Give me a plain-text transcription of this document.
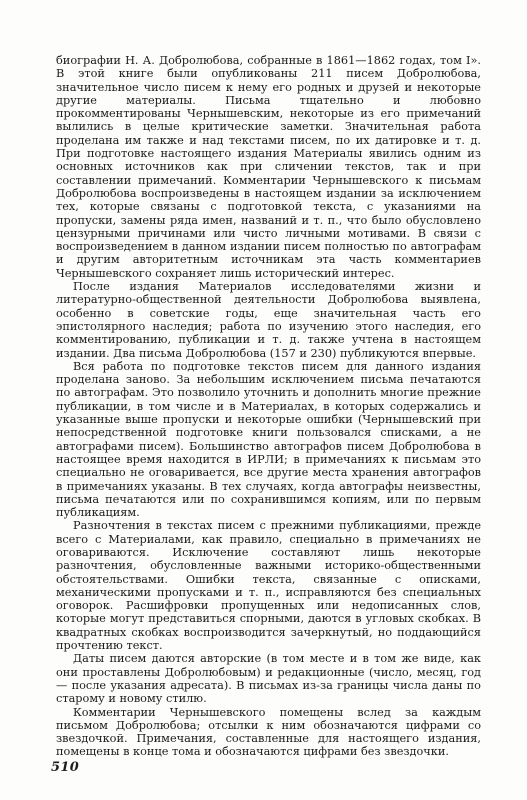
биографии Н. А. Добролюбова, собранные в 1861—1862 годах, том I». В этой книге были опубликованы 211 писем Добролюбова, значительное число писем к нему его родных и друзей и некоторые другие материалы. Письма тщательно и любовно прокомментированы Чернышевским, некоторые из его примечаний вылились в целые критические заметки. Значительная работа проделана им также и над текстами писем, по их датировке и т. д. При подготовке настоящего издания Материалы явились одним из основных источников как при сличении текстов, так и при составлении примечаний. Комментарии Чернышевского к письмам Добролюбова воспроизведены в настоящем издании за исключением тех, которые связаны с подготовкой текста, с указаниями на пропуски, замены ряда имен, названий и т. п., что было обусловлено цензурными причинами или чисто личными мотивами. В связи с воспроизведением в данном издании писем полностью по автографам и другим авторитетным источникам эта часть комментариев Чернышевского сохраняет лишь исторический интерес.

После издания Материалов исследователями жизни и литературно-общественной деятельности Добролюбова выявлена, особенно в советские годы, еще значительная часть его эпистолярного наследия; работа по изучению этого наследия, его комментированию, публикации и т. д. также учтена в настоящем издании. Два письма Добролюбова (157 и 230) публикуются впервые.

Вся работа по подготовке текстов писем для данного издания проделана заново. За небольшим исключением письма печатаются по автографам. Это позволило уточнить и дополнить многие прежние публикации, в том числе и в Материалах, в которых содержались и указанные выше пропуски и некоторые ошибки (Чернышевский при непосредственной подготовке книги пользовался списками, а не автографами писем). Большинство автографов писем Добролюбова в настоящее время находится в ИРЛИ; в примечаниях к письмам это специально не оговаривается, все другие места хранения автографов в примечаниях указаны. В тех случаях, когда автографы неизвестны, письма печатаются или по сохранившимся копиям, или по первым публикациям.

Разночтения в текстах писем с прежними публикациями, прежде всего с Материалами, как правило, специально в примечаниях не оговариваются. Исключение составляют лишь некоторые разночтения, обусловленные важными историко-общественными обстоятельствами. Ошибки текста, связанные с описками, механическими пропусками и т. п., исправляются без специальных оговорок. Расшифровки пропущенных или недописанных слов, которые могут представиться спорными, даются в угловых скобках. В квадратных скобках воспроизводится зачеркнутый, но поддающийся прочтению текст.

Даты писем даются авторские (в том месте и в том же виде, как они проставлены Добролюбовым) и редакционные (число, месяц, год — после указания адресата). В письмах из-за границы числа даны по старому и новому стилю.

Комментарии Чернышевского помещены вслед за каждым письмом Добролюбова; отсылки к ним обозначаются цифрами со звездочкой. Примечания, составленные для настоящего издания, помещены в конце тома и обозначаются цифрами без звездочки.

510
